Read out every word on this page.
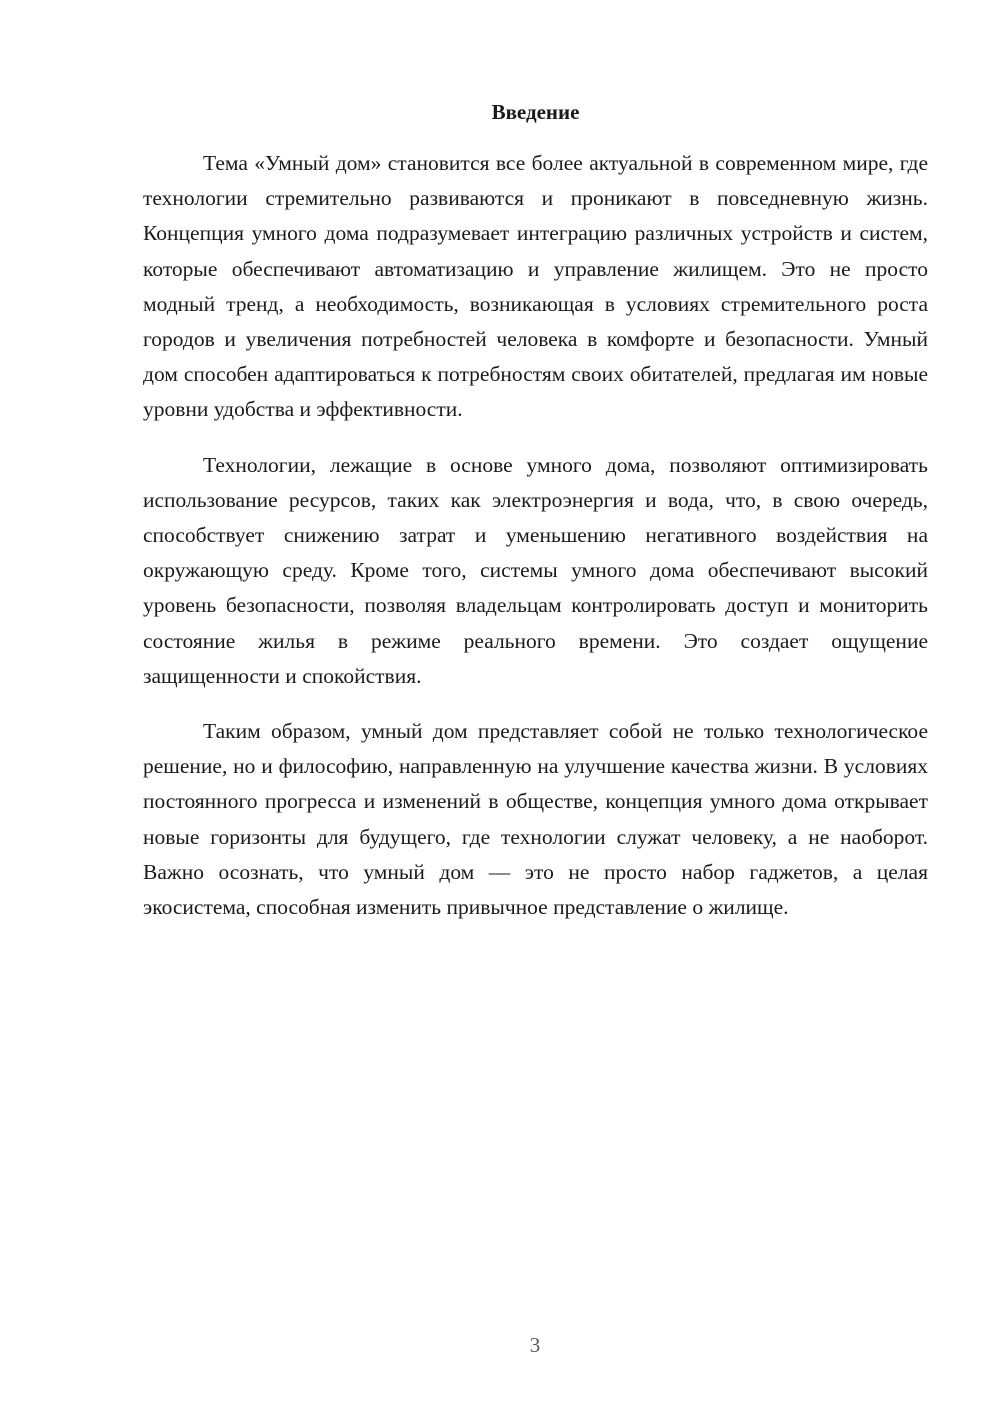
Введение

Тема «Умный дом» становится все более актуальной в современном мире, где технологии стремительно развиваются и проникают в повседневную жизнь. Концепция умного дома подразумевает интеграцию различных устройств и систем, которые обеспечивают автоматизацию и управление жилищем. Это не просто модный тренд, а необходимость, возникающая в условиях стремительного роста городов и увеличения потребностей человека в комфорте и безопасности. Умный дом способен адаптироваться к потребностям своих обитателей, предлагая им новые уровни удобства и эффективности.

Технологии, лежащие в основе умного дома, позволяют оптимизировать использование ресурсов, таких как электроэнергия и вода, что, в свою очередь, способствует снижению затрат и уменьшению негативного воздействия на окружающую среду. Кроме того, системы умного дома обеспечивают высокий уровень безопасности, позволяя владельцам контролировать доступ и мониторить состояние жилья в режиме реального времени. Это создает ощущение защищенности и спокойствия.

Таким образом, умный дом представляет собой не только технологическое решение, но и философию, направленную на улучшение качества жизни. В условиях постоянного прогресса и изменений в обществе, концепция умного дома открывает новые горизонты для будущего, где технологии служат человеку, а не наоборот. Важно осознать, что умный дом — это не просто набор гаджетов, а целая экосистема, способная изменить привычное представление о жилище.

3
